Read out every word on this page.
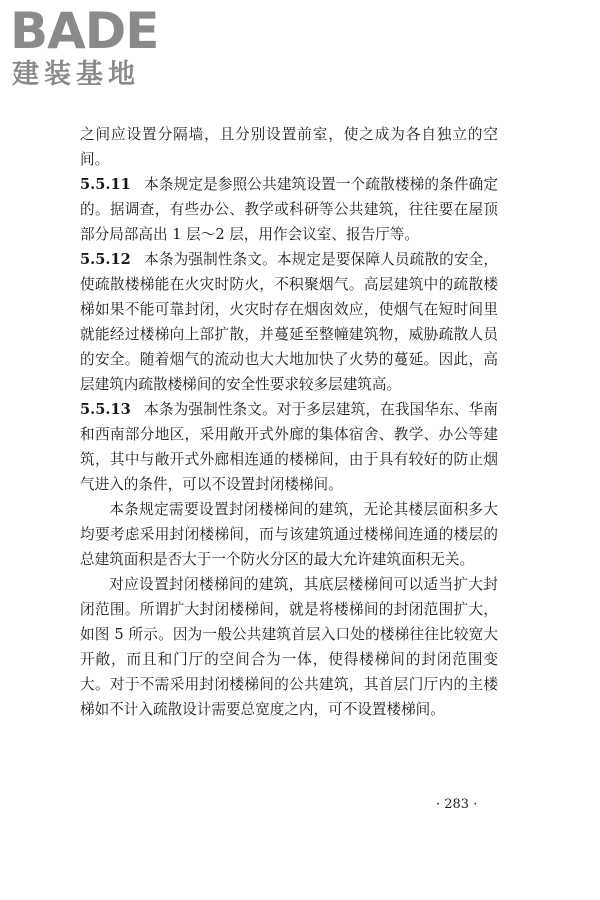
BADE
建装基地

之间应设置分隔墙，且分别设置前室，使之成为各自独立的空间。

5.5.11 本条规定是参照公共建筑设置一个疏散楼梯的条件确定的。据调查，有些办公、教学或科研等公共建筑，往往要在屋顶部分局部高出 1 层～2 层，用作会议室、报告厅等。

5.5.12 本条为强制性条文。本规定是要保障人员疏散的安全，使疏散楼梯能在火灾时防火，不积聚烟气。高层建筑中的疏散楼梯如果不能可靠封闭，火灾时存在烟囱效应，使烟气在短时间里就能经过楼梯向上部扩散，并蔓延至整幢建筑物，威胁疏散人员的安全。随着烟气的流动也大大地加快了火势的蔓延。因此，高层建筑内疏散楼梯间的安全性要求较多层建筑高。

5.5.13 本条为强制性条文。对于多层建筑，在我国华东、华南和西南部分地区，采用敞开式外廊的集体宿舍、教学、办公等建筑，其中与敞开式外廊相连通的楼梯间，由于具有较好的防止烟气进入的条件，可以不设置封闭楼梯间。

本条规定需要设置封闭楼梯间的建筑，无论其楼层面积多大均要考虑采用封闭楼梯间，而与该建筑通过楼梯间连通的楼层的总建筑面积是否大于一个防火分区的最大允许建筑面积无关。

对应设置封闭楼梯间的建筑，其底层楼梯间可以适当扩大封闭范围。所谓扩大封闭楼梯间，就是将楼梯间的封闭范围扩大，如图 5 所示。因为一般公共建筑首层入口处的楼梯往往比较宽大开敞，而且和门厅的空间合为一体，使得楼梯间的封闭范围变大。对于不需采用封闭楼梯间的公共建筑，其首层门厅内的主楼梯如不计入疏散设计需要总宽度之内，可不设置楼梯间。

· 283 ·
